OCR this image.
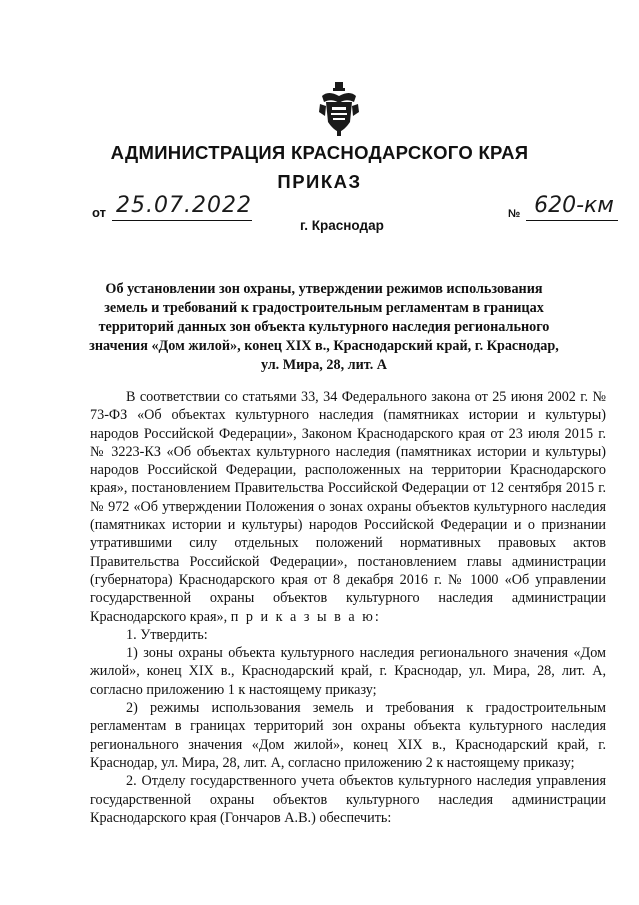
АДМИНИСТРАЦИЯ КРАСНОДАРСКОГО КРАЯ
ПРИКАЗ
от 25.07.2022
г. Краснодар
№ 620-км
Об установлении зон охраны, утверждении режимов использования земель и требований к градостроительным регламентам в границах территорий данных зон объекта культурного наследия регионального значения «Дом жилой», конец XIX в., Краснодарский край, г. Краснодар, ул. Мира, 28, лит. А

В соответствии со статьями 33, 34 Федерального закона от 25 июня 2002 г. № 73-ФЗ «Об объектах культурного наследия (памятниках истории и культуры) народов Российской Федерации», Законом Краснодарского края от 23 июля 2015 г. № 3223-КЗ «Об объектах культурного наследия (памятниках истории и культуры) народов Российской Федерации, расположенных на территории Краснодарского края», постановлением Правительства Российской Федерации от 12 сентября 2015 г. № 972 «Об утверждении Положения о зонах охраны объектов культурного наследия (памятниках истории и культуры) народов Российской Федерации и о признании утратившими силу отдельных положений нормативных правовых актов Правительства Российской Федерации», постановлением главы администрации (губернатора) Краснодарского края от 8 декабря 2016 г. № 1000 «Об управлении государственной охраны объектов культурного наследия администрации Краснодарского края», п р и к а з ы в а ю:

1. Утвердить:

1) зоны охраны объекта культурного наследия регионального значения «Дом жилой», конец XIX в., Краснодарский край, г. Краснодар, ул. Мира, 28, лит. А, согласно приложению 1 к настоящему приказу;

2) режимы использования земель и требования к градостроительным регламентам в границах территорий зон охраны объекта культурного наследия регионального значения «Дом жилой», конец XIX в., Краснодарский край, г. Краснодар, ул. Мира, 28, лит. А, согласно приложению 2 к настоящему приказу;

2. Отделу государственного учета объектов культурного наследия управления государственной охраны объектов культурного наследия администрации Краснодарского края (Гончаров А.В.) обеспечить:
